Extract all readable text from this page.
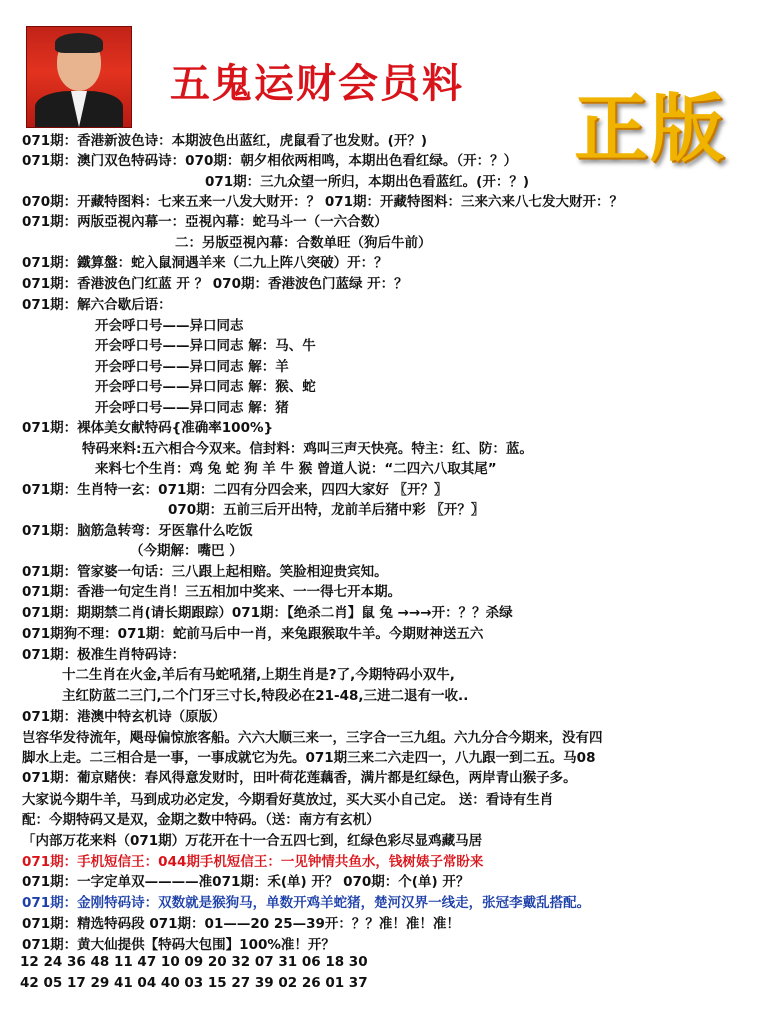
五鬼运财会员料
正版
071期：香港新波色诗：本期波色出蓝红，虎鼠看了也发财。(开？)
071期：澳门双色特码诗：070期：朝夕相依两相鸣，本期出色看红绿。（开：？）
071期：三九众望一所归，本期出色看蓝红。(开：？)
070期：开藏特图料：七来五来一八发大财开：？ 071期：开藏特图料：三来六来八七发大财开：？
071期：两版亞視內幕一：亞視內幕：蛇马斗一（一六合数）
二：另版亞視內幕：合数单旺（狗后牛前）
071期：鐵算盤：蛇入鼠洞遇羊来（二九上阵八突破）开：？
071期：香港波色门红蓝 开 ？ 070期：香港波色门蓝绿 开：？
071期：解六合歇后语：
开会呼口号——异口同志
开会呼口号——异口同志 解：马、牛
开会呼口号——异口同志 解：羊
开会呼口号——异口同志 解：猴、蛇
开会呼口号——异口同志 解：猪
071期：裸体美女献特码{准确率100%}
特码来料:五六相合今双来。信封料：鸡叫三声天快亮。特主：红、防：蓝。
来料七个生肖：鸡 兔 蛇 狗 羊 牛 猴 曾道人说：“二四六八取其尾”
071期：生肖特一玄：071期：二四有分四会来，四四大家好 〖开？〗
070期：五前三后开出特，龙前羊后猪中彩 〖开？〗
071期：脑筋急转弯：牙医靠什么吃饭
（今期解：嘴巴 ）
071期：管家婆一句话：三八跟上起相赔。笑脸相迎贵宾知。
071期：香港一句定生肖！三五相加中奖来、一一得七开本期。
071期：期期禁二肖(请长期跟踪）071期：【绝杀二肖】鼠 兔 →→→开：？？杀绿
071期狗不理：071期：蛇前马后中一肖，来兔跟猴取牛羊。今期财神送五六
071期：极准生肖特码诗：
十二生肖在火金,羊后有马蛇吼猪,上期生肖是?了,今期特码小双牛,
主红防蓝二三门,二个门牙三寸长,特段必在21-48,三进二退有一收..
071期：港澳中特玄机诗（原版）
岂容华发待流年，飓母偏惊旅客船。六六大顺三来一，三字合一三九组。六九分合今期来，没有四
脚水上走。二三相合是一事，一事成就它为先。071期三来二六走四一，八九跟一到二五。马08
071期：葡京赌侠：春风得意发财时，田叶荷花莲藕香，满片都是红绿色，两岸青山猴子多。
大家说今期牛羊，马到成功必定发，今期看好莫放过，买大买小自己定。 送：看诗有生肖
配：今期特码又是双，金期之数中特码。（送：南方有玄机）
「内部万花来料（071期）万花开在十一合五四七到，红绿色彩尽显鸡藏马居
071期：手机短信王：044期手机短信王：一见钟情共鱼水，钱树婊子常盼来
071期：一字定单双————准071期：禾(单) 开？ 070期：个(单) 开？
071期：金刚特码诗：双数就是猴狗马，单数开鸡羊蛇猪，楚河汉界一线走，张冠李戴乱搭配。
071期：精选特码段 071期：01——20 25—39开：？？准！准！准！
071期：黄大仙提供【特码大包围】100%准！开？
12 24 36 48 11 47 10 09 20 32 07 31 06 18 30
42 05 17 29 41 04 40 03 15 27 39 02 26 01 37
